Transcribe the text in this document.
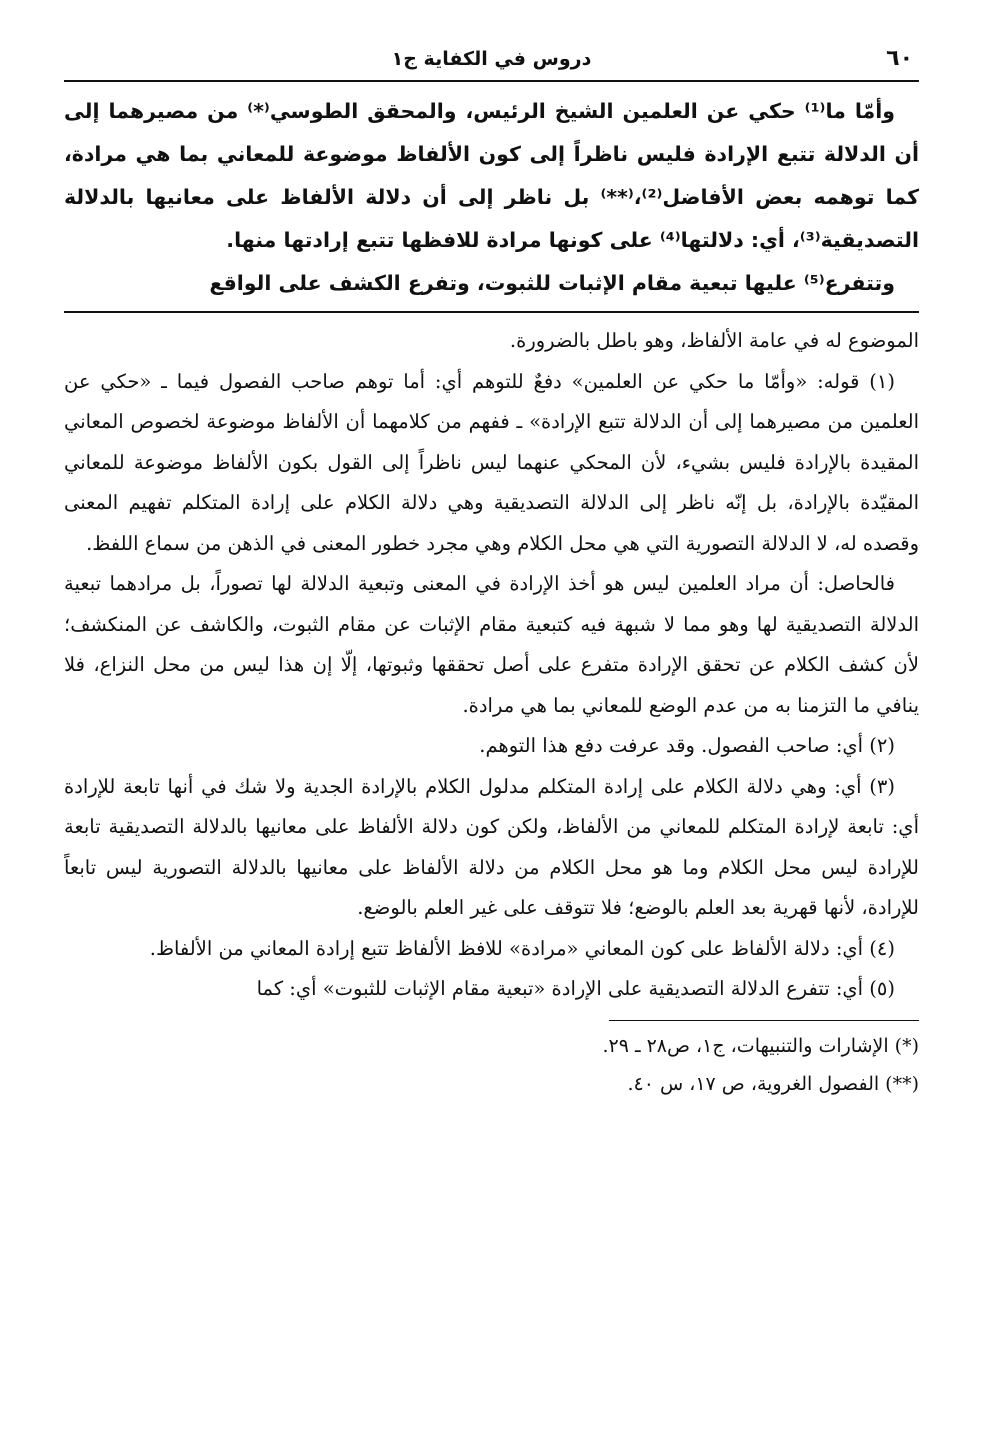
٦٠
دروس في الكفاية ج١

وأمّا ما⁽¹⁾ حكي عن العلمين الشيخ الرئيس، والمحقق الطوسي⁽*⁾ من مصيرهما إلى أن الدلالة تتبع الإرادة فليس ناظراً إلى كون الألفاظ موضوعة للمعاني بما هي مرادة، كما توهمه بعض الأفاضل⁽²⁾،⁽**⁾ بل ناظر إلى أن دلالة الألفاظ على معانيها بالدلالة التصديقية⁽³⁾، أي: دلالتها⁽⁴⁾ على كونها مرادة للافظها تتبع إرادتها منها.

وتتفرع⁽⁵⁾ عليها تبعية مقام الإثبات للثبوت، وتفرع الكشف على الواقع

الموضوع له في عامة الألفاظ، وهو باطل بالضرورة.

(١) قوله: «وأمّا ما حكي عن العلمين» دفعٌ للتوهم أي: أما توهم صاحب الفصول فيما ـ «حكي عن العلمين من مصيرهما إلى أن الدلالة تتبع الإرادة» ـ ففهم من كلامهما أن الألفاظ موضوعة لخصوص المعاني المقيدة بالإرادة فليس بشيء، لأن المحكي عنهما ليس ناظراً إلى القول بكون الألفاظ موضوعة للمعاني المقيّدة بالإرادة، بل إنّه ناظر إلى الدلالة التصديقية وهي دلالة الكلام على إرادة المتكلم تفهيم المعنى وقصده له، لا الدلالة التصورية التي هي محل الكلام وهي مجرد خطور المعنى في الذهن من سماع اللفظ.

فالحاصل: أن مراد العلمين ليس هو أخذ الإرادة في المعنى وتبعية الدلالة لها تصوراً، بل مرادهما تبعية الدلالة التصديقية لها وهو مما لا شبهة فيه كتبعية مقام الإثبات عن مقام الثبوت، والكاشف عن المنكشف؛ لأن كشف الكلام عن تحقق الإرادة متفرع على أصل تحققها وثبوتها، إلّا إن هذا ليس من محل النزاع، فلا ينافي ما التزمنا به من عدم الوضع للمعاني بما هي مرادة.

(٢) أي: صاحب الفصول. وقد عرفت دفع هذا التوهم.

(٣) أي: وهي دلالة الكلام على إرادة المتكلم مدلول الكلام بالإرادة الجدية ولا شك في أنها تابعة للإرادة أي: تابعة لإرادة المتكلم للمعاني من الألفاظ، ولكن كون دلالة الألفاظ على معانيها بالدلالة التصديقية تابعة للإرادة ليس محل الكلام وما هو محل الكلام من دلالة الألفاظ على معانيها بالدلالة التصورية ليس تابعاً للإرادة، لأنها قهرية بعد العلم بالوضع؛ فلا تتوقف على غير العلم بالوضع.

(٤) أي: دلالة الألفاظ على كون المعاني «مرادة» للافظ الألفاظ تتبع إرادة المعاني من الألفاظ.

(٥) أي: تتفرع الدلالة التصديقية على الإرادة «تبعية مقام الإثبات للثبوت» أي: كما

(*) الإشارات والتنبيهات، ج١، ص٢٨ ـ ٢٩.

(**) الفصول الغروية، ص ١٧، س ٤٠.
